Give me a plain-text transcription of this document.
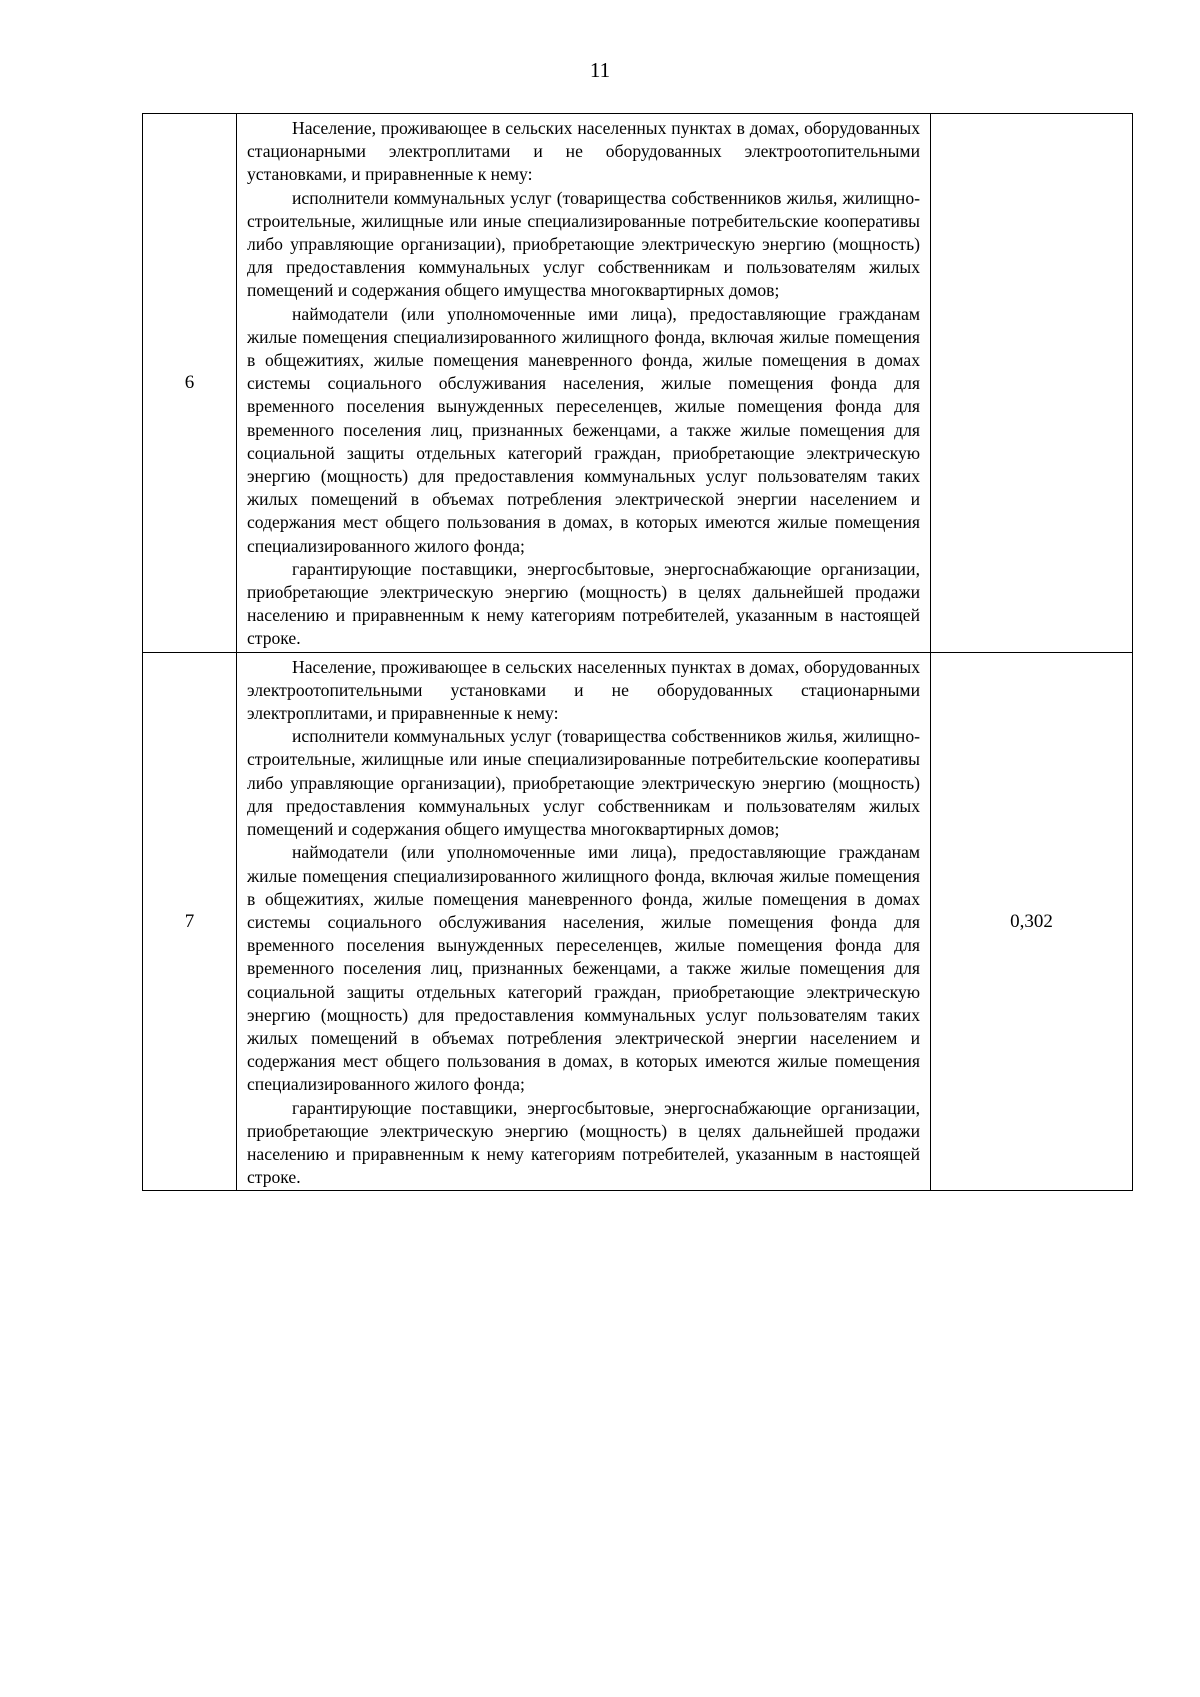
11
6	Население, проживающее в сельских населенных пунктах в домах, оборудованных стационарными электроплитами и не оборудованных электроотопительными установками, и приравненные к нему:

исполнители коммунальных услуг (товарищества собственников жилья, жилищно-строительные, жилищные или иные специализированные потребительские кооперативы либо управляющие организации), приобретающие электрическую энергию (мощность) для предоставления коммунальных услуг собственникам и пользователям жилых помещений и содержания общего имущества многоквартирных домов;

наймодатели (или уполномоченные ими лица), предоставляющие гражданам жилые помещения специализированного жилищного фонда, включая жилые помещения в общежитиях, жилые помещения маневренного фонда, жилые помещения в домах системы социального обслуживания населения, жилые помещения фонда для временного поселения вынужденных переселенцев, жилые помещения фонда для временного поселения лиц, признанных беженцами, а также жилые помещения для социальной защиты отдельных категорий граждан, приобретающие электрическую энергию (мощность) для предоставления коммунальных услуг пользователям таких жилых помещений в объемах потребления электрической энергии населением и содержания мест общего пользования в домах, в которых имеются жилые помещения специализированного жилого фонда;

гарантирующие поставщики, энергосбытовые, энергоснабжающие организации, приобретающие электрическую энергию (мощность) в целях дальнейшей продажи населению и приравненным к нему категориям потребителей, указанным в настоящей строке.	

7	Население, проживающее в сельских населенных пунктах в домах, оборудованных электроотопительными установками и не оборудованных стационарными электроплитами, и приравненные к нему:

исполнители коммунальных услуг (товарищества собственников жилья, жилищно-строительные, жилищные или иные специализированные потребительские кооперативы либо управляющие организации), приобретающие электрическую энергию (мощность) для предоставления коммунальных услуг собственникам и пользователям жилых помещений и содержания общего имущества многоквартирных домов;

наймодатели (или уполномоченные ими лица), предоставляющие гражданам жилые помещения специализированного жилищного фонда, включая жилые помещения в общежитиях, жилые помещения маневренного фонда, жилые помещения в домах системы социального обслуживания населения, жилые помещения фонда для временного поселения вынужденных переселенцев, жилые помещения фонда для временного поселения лиц, признанных беженцами, а также жилые помещения для социальной защиты отдельных категорий граждан, приобретающие электрическую энергию (мощность) для предоставления коммунальных услуг пользователям таких жилых помещений в объемах потребления электрической энергии населением и содержания мест общего пользования в домах, в которых имеются жилые помещения специализированного жилого фонда;

гарантирующие поставщики, энергосбытовые, энергоснабжающие организации, приобретающие электрическую энергию (мощность) в целях дальнейшей продажи населению и приравненным к нему категориям потребителей, указанным в настоящей строке.	0,302
